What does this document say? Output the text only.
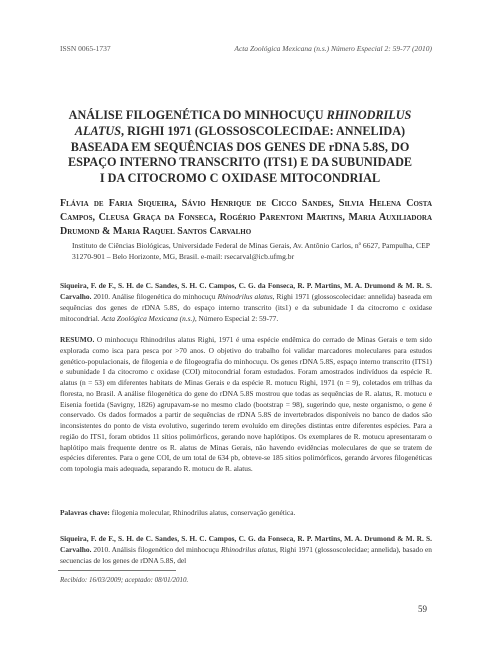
ISSN 0065-1737	Acta Zoológica Mexicana (n.s.) Número Especial 2: 59-77 (2010)
ANÁLISE FILOGENÉTICA DO MINHOCUÇU RHINODRILUS
ALATUS, RIGHI 1971 (GLOSSOSCOLECIDAE: ANNELIDA)
BASEADA EM SEQUÊNCIAS DOS GENES DE rDNA 5.8S, DO
ESPAÇO INTERNO TRANSCRITO (ITS1) E DA SUBUNIDADE
I DA CITOCROMO C OXIDASE MITOCONDRIAL
Flávia de Faria Siqueira, Sávio Henrique de Cicco Sandes, Silvia Helena Costa Campos, Cleusa Graça da Fonseca, Rogério Parentoni Martins, Maria Auxiliadora Drumond & Maria Raquel Santos Carvalho
Instituto de Ciências Biológicas, Universidade Federal de Minas Gerais, Av. Antônio Carlos, nº 6627, Pampulha, CEP 31270-901 – Belo Horizonte, MG, Brasil. e-mail: rsecarval@icb.ufmg.br
Siqueira, F. de F., S. H. de C. Sandes, S. H. C. Campos, C. G. da Fonseca, R. P. Martins, M. A. Drumond & M. R. S. Carvalho. 2010. Análise filogenética do minhocuçu Rhinodrilus alatus, Righi 1971 (glossoscolecidae: annelida) baseada em sequências dos genes de rDNA 5.8S, do espaço interno transcrito (its1) e da subunidade I da citocromo c oxidase mitocondrial. Acta Zoológica Mexicana (n.s.), Número Especial 2: 59-77.
RESUMO. O minhocuçu Rhinodrilus alatus Righi, 1971 é uma espécie endêmica do cerrado de Minas Gerais e tem sido explorada como isca para pesca por >70 anos. O objetivo do trabalho foi validar marcadores moleculares para estudos genético-populacionais, de filogenia e de filogeografia do minhocuçu. Os genes rDNA 5.8S, espaço interno transcrito (ITS1) e subunidade I da citocromo c oxidase (COI) mitocondrial foram estudados. Foram amostrados indivíduos da espécie R. alatus (n = 53) em diferentes habitats de Minas Gerais e da espécie R. motucu Righi, 1971 (n = 9), coletados em trilhas da floresta, no Brasil. A análise filogenética do gene do rDNA 5.8S mostrou que todas as sequências de R. alatus, R. motucu e Eisenia foetida (Savigny, 1826) agrupavam-se no mesmo clado (bootstrap = 98), sugerindo que, neste organismo, o gene é conservado. Os dados formados a partir de sequências de rDNA 5.8S de invertebrados disponíveis no banco de dados são inconsistentes do ponto de vista evolutivo, sugerindo terem evoluído em direções distintas entre diferentes espécies. Para a região do ITS1, foram obtidos 11 sítios polimórficos, gerando nove haplótipos. Os exemplares de R. motucu apresentaram o haplótipo mais frequente dentre os R. alatus de Minas Gerais, não havendo evidências moleculares de que se tratem de espécies diferentes. Para o gene COI, de um total de 634 pb, obteve-se 185 sítios polimórficos, gerando árvores filogenéticas com topologia mais adequada, separando R. motucu de R. alatus.
Palavras chave: filogenia molecular, Rhinodrilus alatus, conservação genética.
Siqueira, F. de F., S. H. de C. Sandes, S. H. C. Campos, C. G. da Fonseca, R. P. Martins, M. A. Drumond & M. R. S. Carvalho. 2010. Análisis filogenético del minhocuçu Rhinodrilus alatus, Righi 1971 (glossoscolecidae; annelida), basado en secuencias de los genes de rDNA 5.8S, del
Recibido: 16/03/2009; aceptado: 08/01/2010.
59
